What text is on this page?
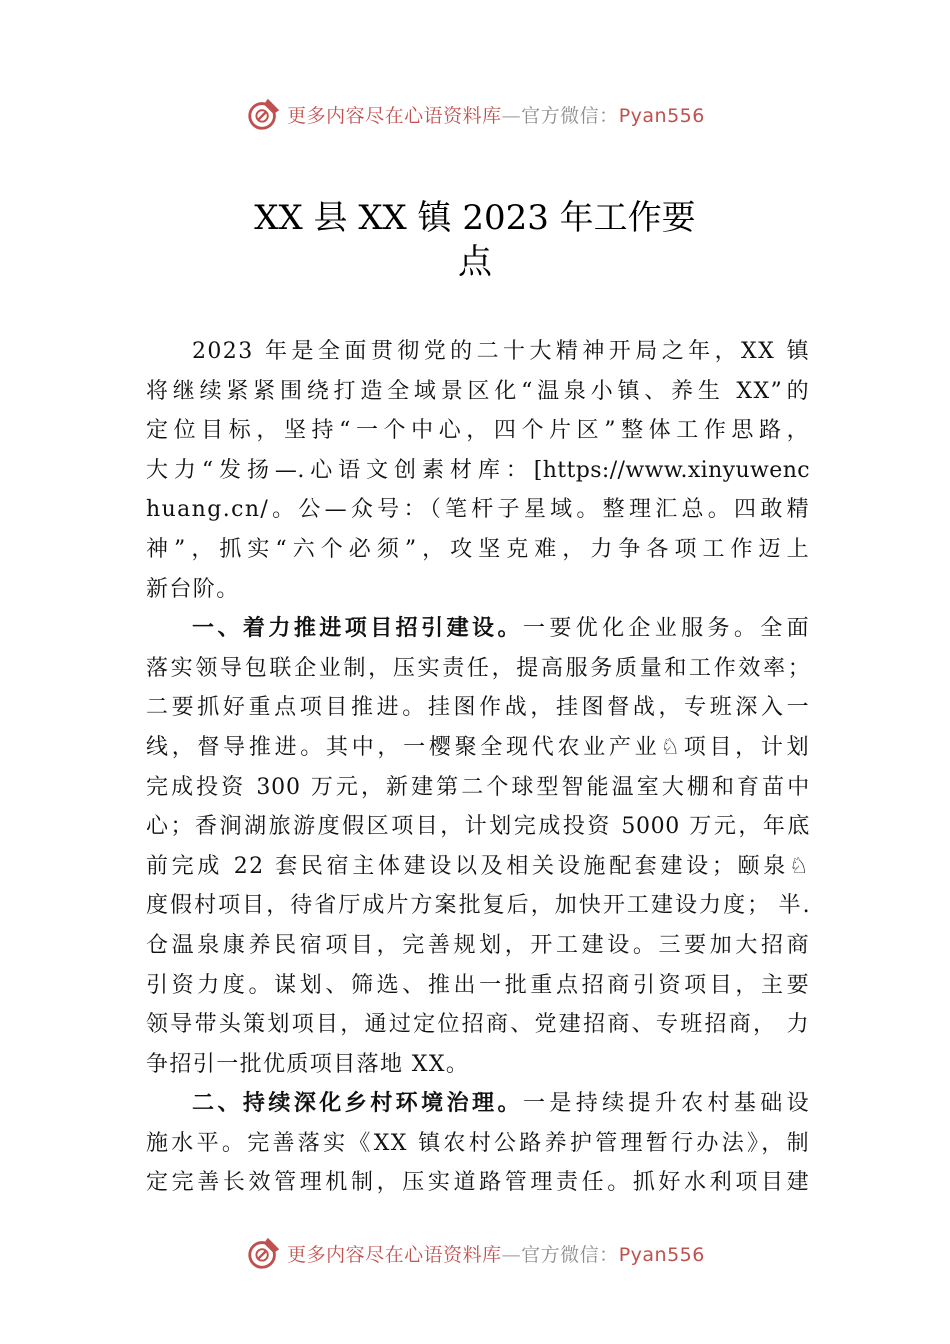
更多内容尽在心语资料库—官方微信：Pyan556
XX 县 XX 镇 2023 年工作要
点
2023 年是全面贯彻党的二十大精神开局之年，XX 镇
将继续紧紧围绕打造全域景区化“温泉小镇、养生 XX”的
定位目标，坚持“一个中心，四个片区”整体工作思路，
大力“发扬—.心语文创素材库：[https://www.xinyuwenc
huang.cn/。公—众号：（笔杆子星域。整理汇总。四敢精
神”，抓实“六个必须”，攻坚克难，力争各项工作迈上
新台阶。
一、着力推进项目招引建设。一要优化企业服务。全面
落实领导包联企业制，压实责任，提高服务质量和工作效率；
二要抓好重点项目推进。挂图作战，挂图督战，专班深入一
线，督导推进。其中，一樱聚全现代农业产业♘项目，计划
完成投资 300 万元，新建第二个球型智能温室大棚和育苗中
心；香涧湖旅游度假区项目，计划完成投资 5000 万元，年底
前完成 22 套民宿主体建设以及相关设施配套建设；颐泉♘
度假村项目，待省厅成片方案批复后，加快开工建设力度； 半.
仓温泉康养民宿项目，完善规划，开工建设。三要加大招商
引资力度。谋划、筛选、推出一批重点招商引资项目，主要
领导带头策划项目，通过定位招商、党建招商、专班招商， 力
争招引一批优质项目落地 XX。
二、持续深化乡村环境治理。一是持续提升农村基础设
施水平。完善落实《XX 镇农村公路养护管理暂行办法》，制
定完善长效管理机制，压实道路管理责任。抓好水利项目建
更多内容尽在心语资料库—官方微信：Pyan556
